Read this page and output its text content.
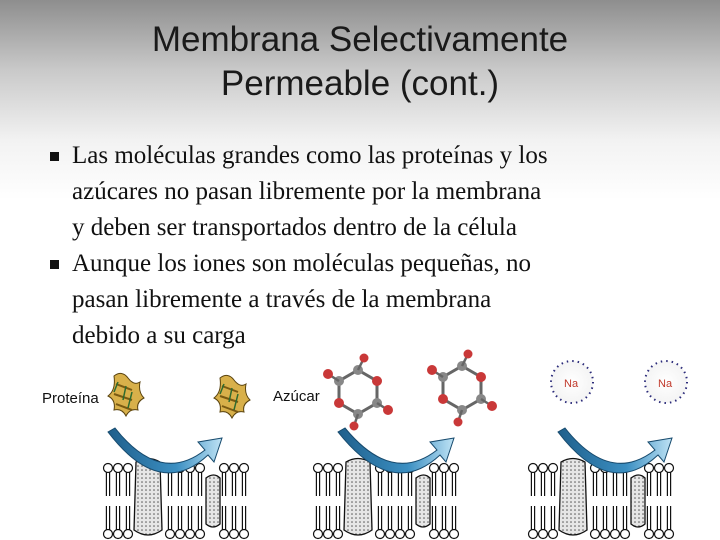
Membrana Selectivamente
Permeable (cont.)
Las moléculas grandes como las proteínas y los
azúcares no pasan libremente por la membrana
y deben ser transportados dentro de la célula
Aunque los iones son moléculas pequeñas, no
pasan libremente a través de la membrana
debido a su carga
Proteína	Azúcar
Na	Na
